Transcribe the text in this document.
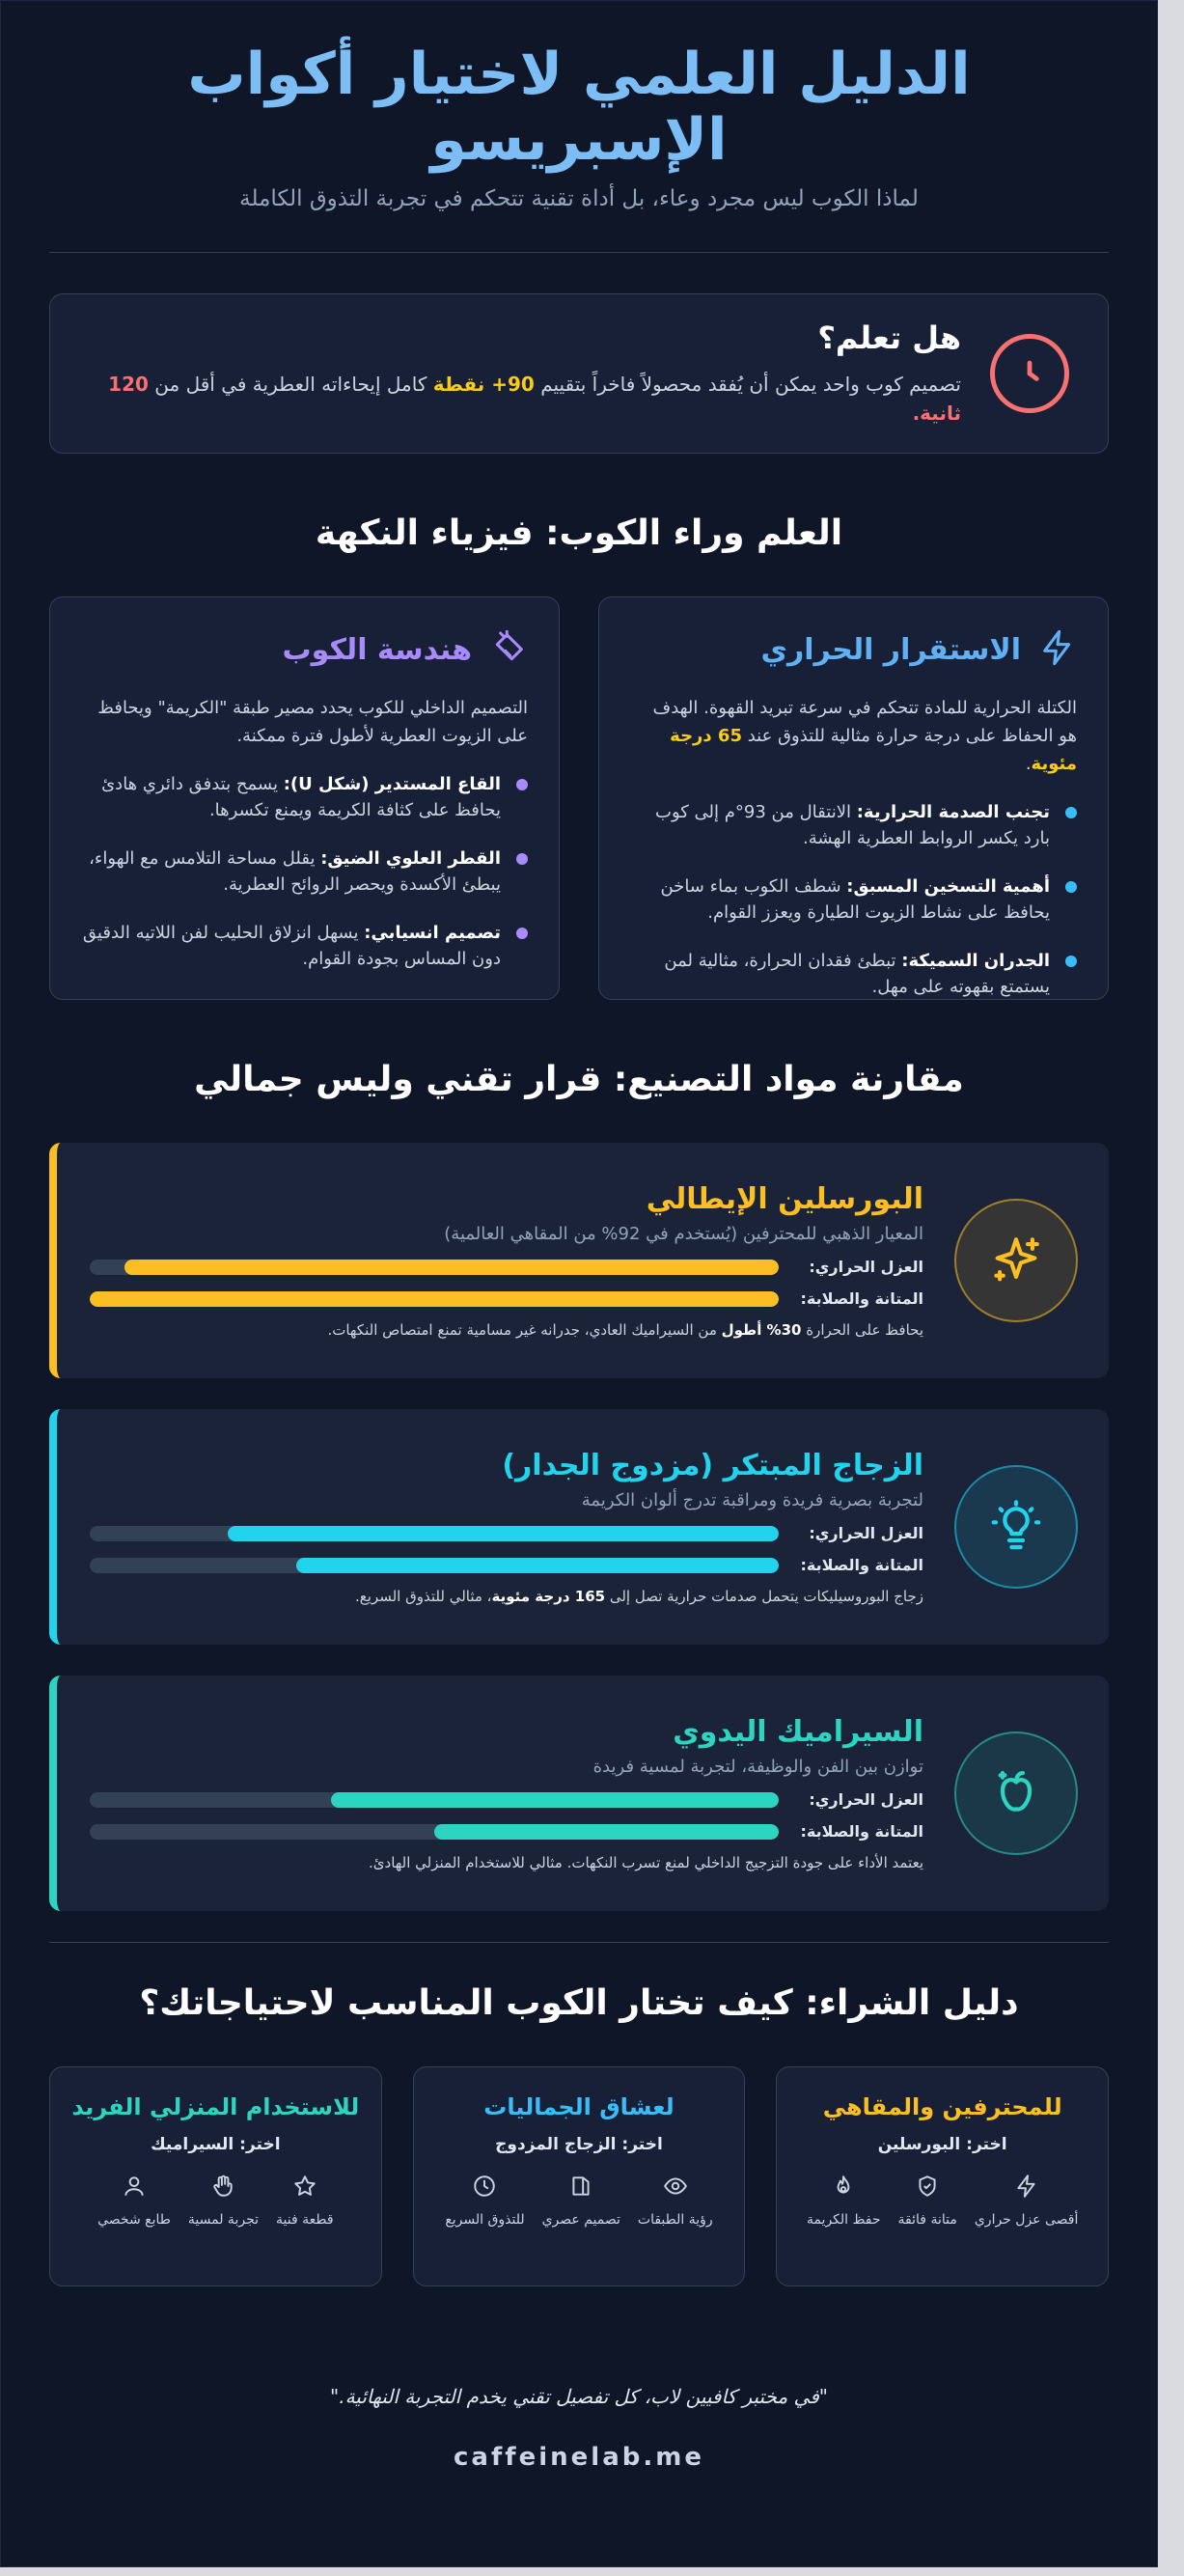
الدليل العلمي لاختيار أكواب الإسبريسو

لماذا الكوب ليس مجرد وعاء، بل أداة تقنية تتحكم في تجربة التذوق الكاملة

هل تعلم؟

تصميم كوب واحد يمكن أن يُفقد محصولاً فاخراً بتقييم 90+ نقطة كامل إيحاءاته العطرية في أقل من 120 ثانية.

العلم وراء الكوب: فيزياء النكهة
الاستقرار الحراري

الكتلة الحرارية للمادة تتحكم في سرعة تبريد القهوة. الهدف هو الحفاظ على درجة حرارة مثالية للتذوق عند 65 درجة مئوية.

تجنب الصدمة الحرارية: الانتقال من 93°م إلى كوب بارد يكسر الروابط العطرية الهشة.
أهمية التسخين المسبق: شطف الكوب بماء ساخن يحافظ على نشاط الزيوت الطيارة ويعزز القوام.
الجدران السميكة: تبطئ فقدان الحرارة، مثالية لمن يستمتع بقهوته على مهل.
هندسة الكوب

التصميم الداخلي للكوب يحدد مصير طبقة "الكريمة" ويحافظ على الزيوت العطرية لأطول فترة ممكنة.

القاع المستدير (شكل U): يسمح بتدفق دائري هادئ يحافظ على كثافة الكريمة ويمنع تكسرها.
القطر العلوي الضيق: يقلل مساحة التلامس مع الهواء، يبطئ الأكسدة ويحصر الروائح العطرية.
تصميم انسيابي: يسهل انزلاق الحليب لفن اللاتيه الدقيق دون المساس بجودة القوام.
مقارنة مواد التصنيع: قرار تقني وليس جمالي
البورسلين الإيطالي

المعيار الذهبي للمحترفين (يُستخدم في 92% من المقاهي العالمية)

العزل الحراري:
المتانة والصلابة:

يحافظ على الحرارة 30% أطول من السيراميك العادي، جدرانه غير مسامية تمنع امتصاص النكهات.

الزجاج المبتكر (مزدوج الجدار)

لتجربة بصرية فريدة ومراقبة تدرج ألوان الكريمة

العزل الحراري:
المتانة والصلابة:

زجاج البوروسيليكات يتحمل صدمات حرارية تصل إلى 165 درجة مئوية، مثالي للتذوق السريع.

السيراميك اليدوي

توازن بين الفن والوظيفة، لتجربة لمسية فريدة

العزل الحراري:
المتانة والصلابة:

يعتمد الأداء على جودة التزجيج الداخلي لمنع تسرب النكهات. مثالي للاستخدام المنزلي الهادئ.

دليل الشراء: كيف تختار الكوب المناسب لاحتياجاتك؟
للمحترفين والمقاهي

اختر: البورسلين

أقصى عزل حراري
متانة فائقة
حفظ الكريمة
لعشاق الجماليات

اختر: الزجاج المزدوج

رؤية الطبقات
تصميم عصري
للتذوق السريع
للاستخدام المنزلي الفريد

اختر: السيراميك

قطعة فنية
تجربة لمسية
طابع شخصي

"في مختبر كافيين لاب، كل تفصيل تقني يخدم التجربة النهائية."

caffeinelab.me
